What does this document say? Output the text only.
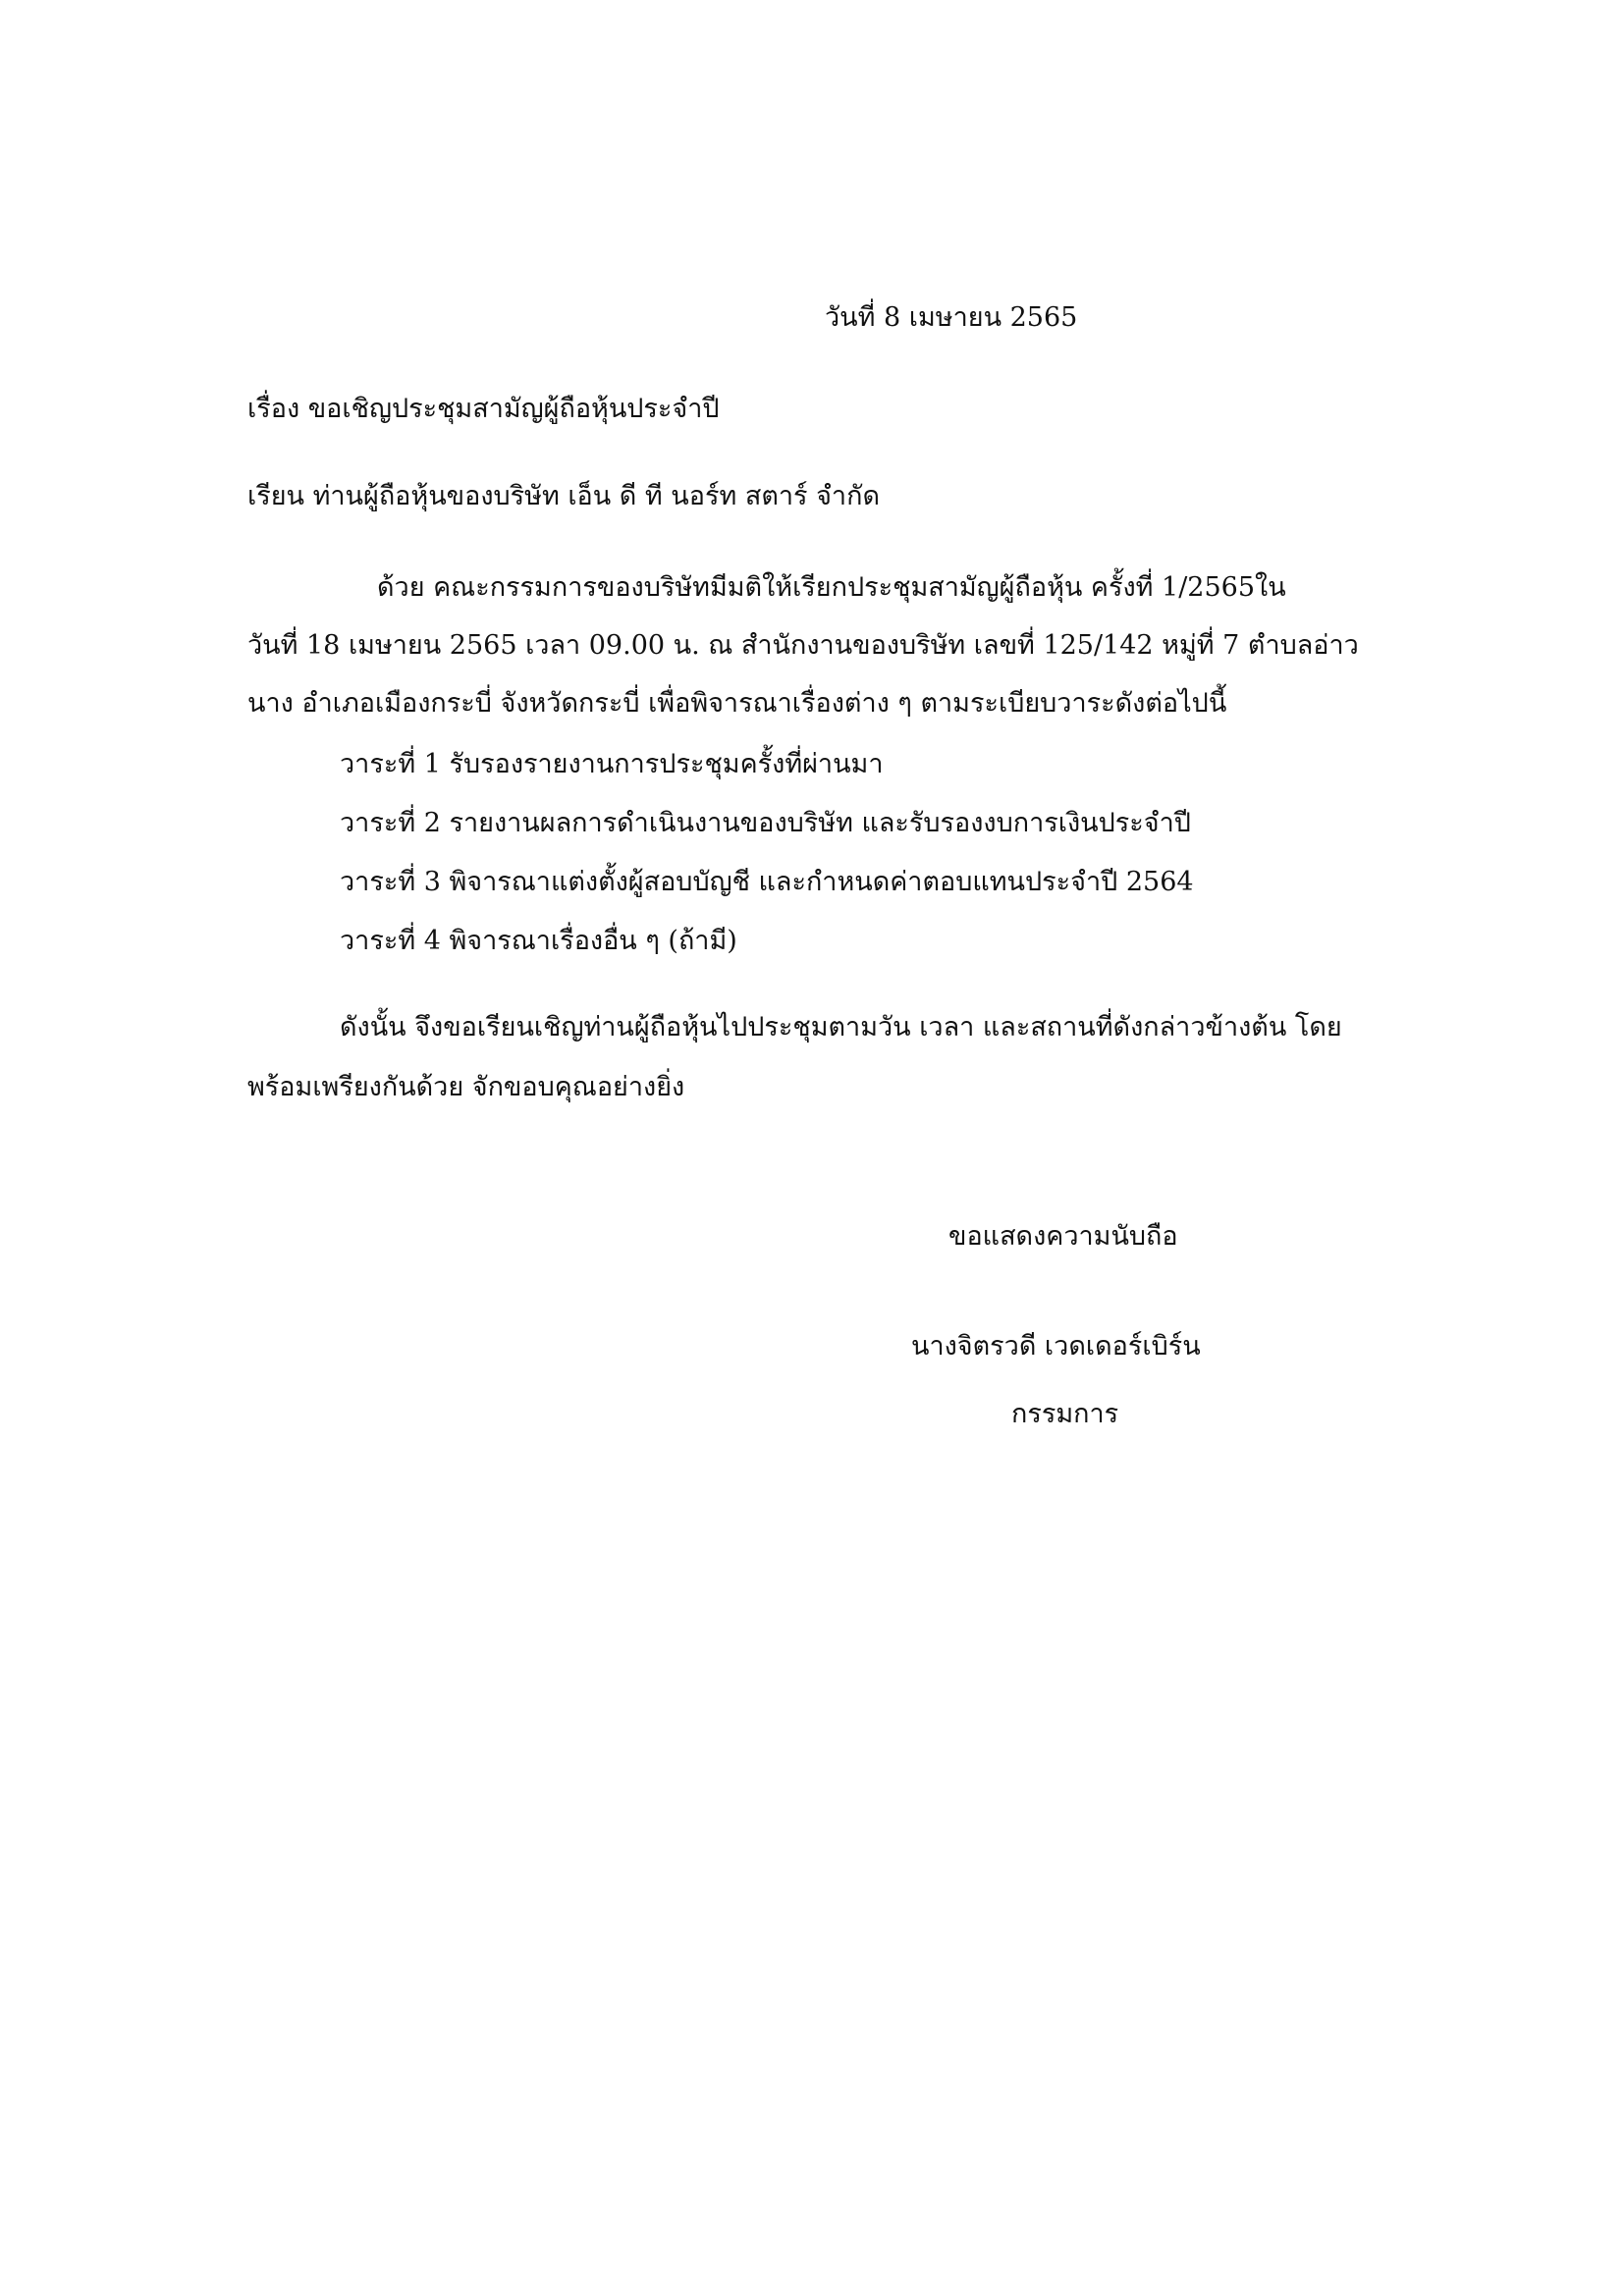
วันที่ 8 เมษายน 2565
เรื่อง ขอเชิญประชุมสามัญผู้ถือหุ้นประจำปี
เรียน ท่านผู้ถือหุ้นของบริษัท เอ็น ดี ที นอร์ท สตาร์ จำกัด
ด้วย คณะกรรมการของบริษัทมีมติให้เรียกประชุมสามัญผู้ถือหุ้น ครั้งที่ 1/2565ใน
วันที่ 18 เมษายน 2565 เวลา 09.00 น. ณ สำนักงานของบริษัท เลขที่ 125/142 หมู่ที่ 7 ตำบลอ่าว
นาง อำเภอเมืองกระบี่ จังหวัดกระบี่ เพื่อพิจารณาเรื่องต่าง ๆ ตามระเบียบวาระดังต่อไปนี้
วาระที่ 1 รับรองรายงานการประชุมครั้งที่ผ่านมา
วาระที่ 2 รายงานผลการดำเนินงานของบริษัท และรับรองงบการเงินประจำปี
วาระที่ 3 พิจารณาแต่งตั้งผู้สอบบัญชี และกำหนดค่าตอบแทนประจำปี 2564
วาระที่ 4 พิจารณาเรื่องอื่น ๆ (ถ้ามี)
ดังนั้น จึงขอเรียนเชิญท่านผู้ถือหุ้นไปประชุมตามวัน เวลา และสถานที่ดังกล่าวข้างต้น โดย
พร้อมเพรียงกันด้วย จักขอบคุณอย่างยิ่ง
ขอแสดงความนับถือ
นางจิตรวดี เวดเดอร์เบิร์น
กรรมการ
